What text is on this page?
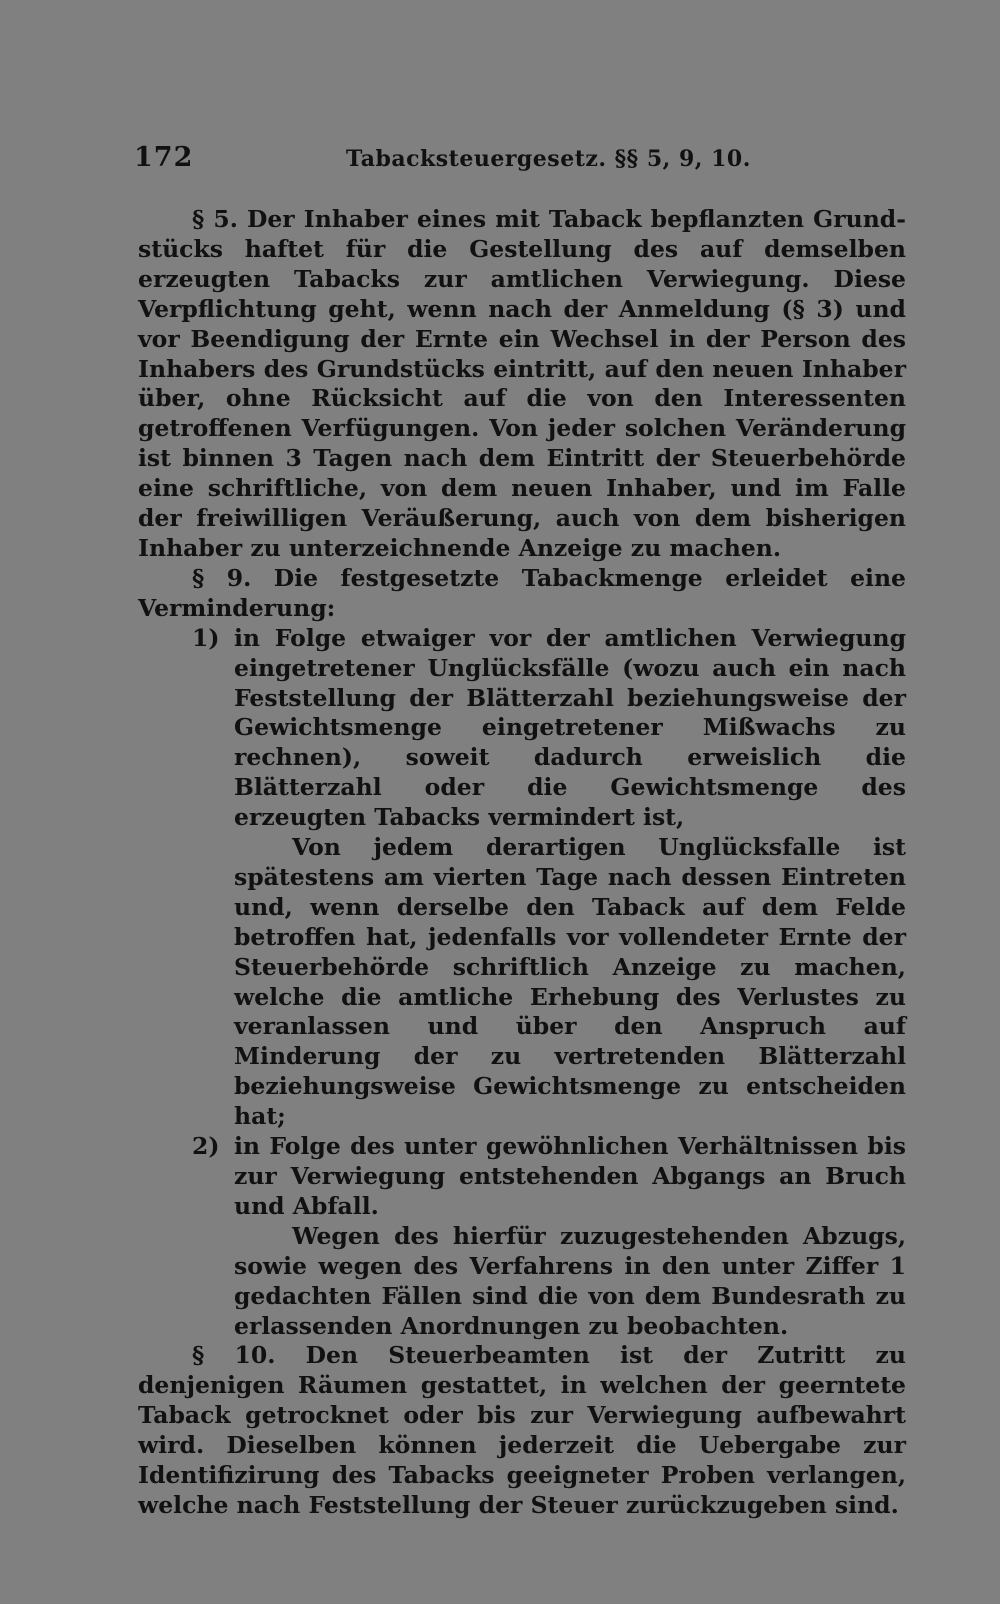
172	Tabacksteuergesetz. §§ 5, 9, 10.

§ 5. Der Inhaber eines mit Taback bepflanzten Grundstücks haftet für die Gestellung des auf demselben erzeugten Tabacks zur amtlichen Verwiegung. Diese Verpflichtung geht, wenn nach der Anmeldung (§ 3) und vor Beendigung der Ernte ein Wechsel in der Person des Inhabers des Grundstücks eintritt, auf den neuen Inhaber über, ohne Rücksicht auf die von den Interessenten getroffenen Verfügungen. Von jeder solchen Veränderung ist binnen 3 Tagen nach dem Eintritt der Steuerbehörde eine schriftliche, von dem neuen Inhaber, und im Falle der freiwilligen Veräußerung, auch von dem bisherigen Inhaber zu unterzeichnende Anzeige zu machen.

§ 9. Die festgesetzte Tabackmenge erleidet eine Verminderung:

1) in Folge etwaiger vor der amtlichen Verwiegung eingetretener Unglücksfälle (wozu auch ein nach Feststellung der Blätterzahl beziehungsweise der Gewichtsmenge eingetretener Mißwachs zu rechnen), soweit dadurch erweislich die Blätterzahl oder die Gewichtsmenge des erzeugten Tabacks vermindert ist,

Von jedem derartigen Unglücksfalle ist spätestens am vierten Tage nach dessen Eintreten und, wenn derselbe den Taback auf dem Felde betroffen hat, jedenfalls vor vollendeter Ernte der Steuerbehörde schriftlich Anzeige zu machen, welche die amtliche Erhebung des Verlustes zu veranlassen und über den Anspruch auf Minderung der zu vertretenden Blätterzahl beziehungsweise Gewichtsmenge zu entscheiden hat;

2) in Folge des unter gewöhnlichen Verhältnissen bis zur Verwiegung entstehenden Abgangs an Bruch und Abfall.

Wegen des hierfür zuzugestehenden Abzugs, sowie wegen des Verfahrens in den unter Ziffer 1 gedachten Fällen sind die von dem Bundesrath zu erlassenden Anordnungen zu beobachten.

§ 10. Den Steuerbeamten ist der Zutritt zu denjenigen Räumen gestattet, in welchen der geerntete Taback getrocknet oder bis zur Verwiegung aufbewahrt wird. Dieselben können jederzeit die Uebergabe zur Identifizirung des Tabacks geeigneter Proben verlangen, welche nach Feststellung der Steuer zurückzugeben sind.
